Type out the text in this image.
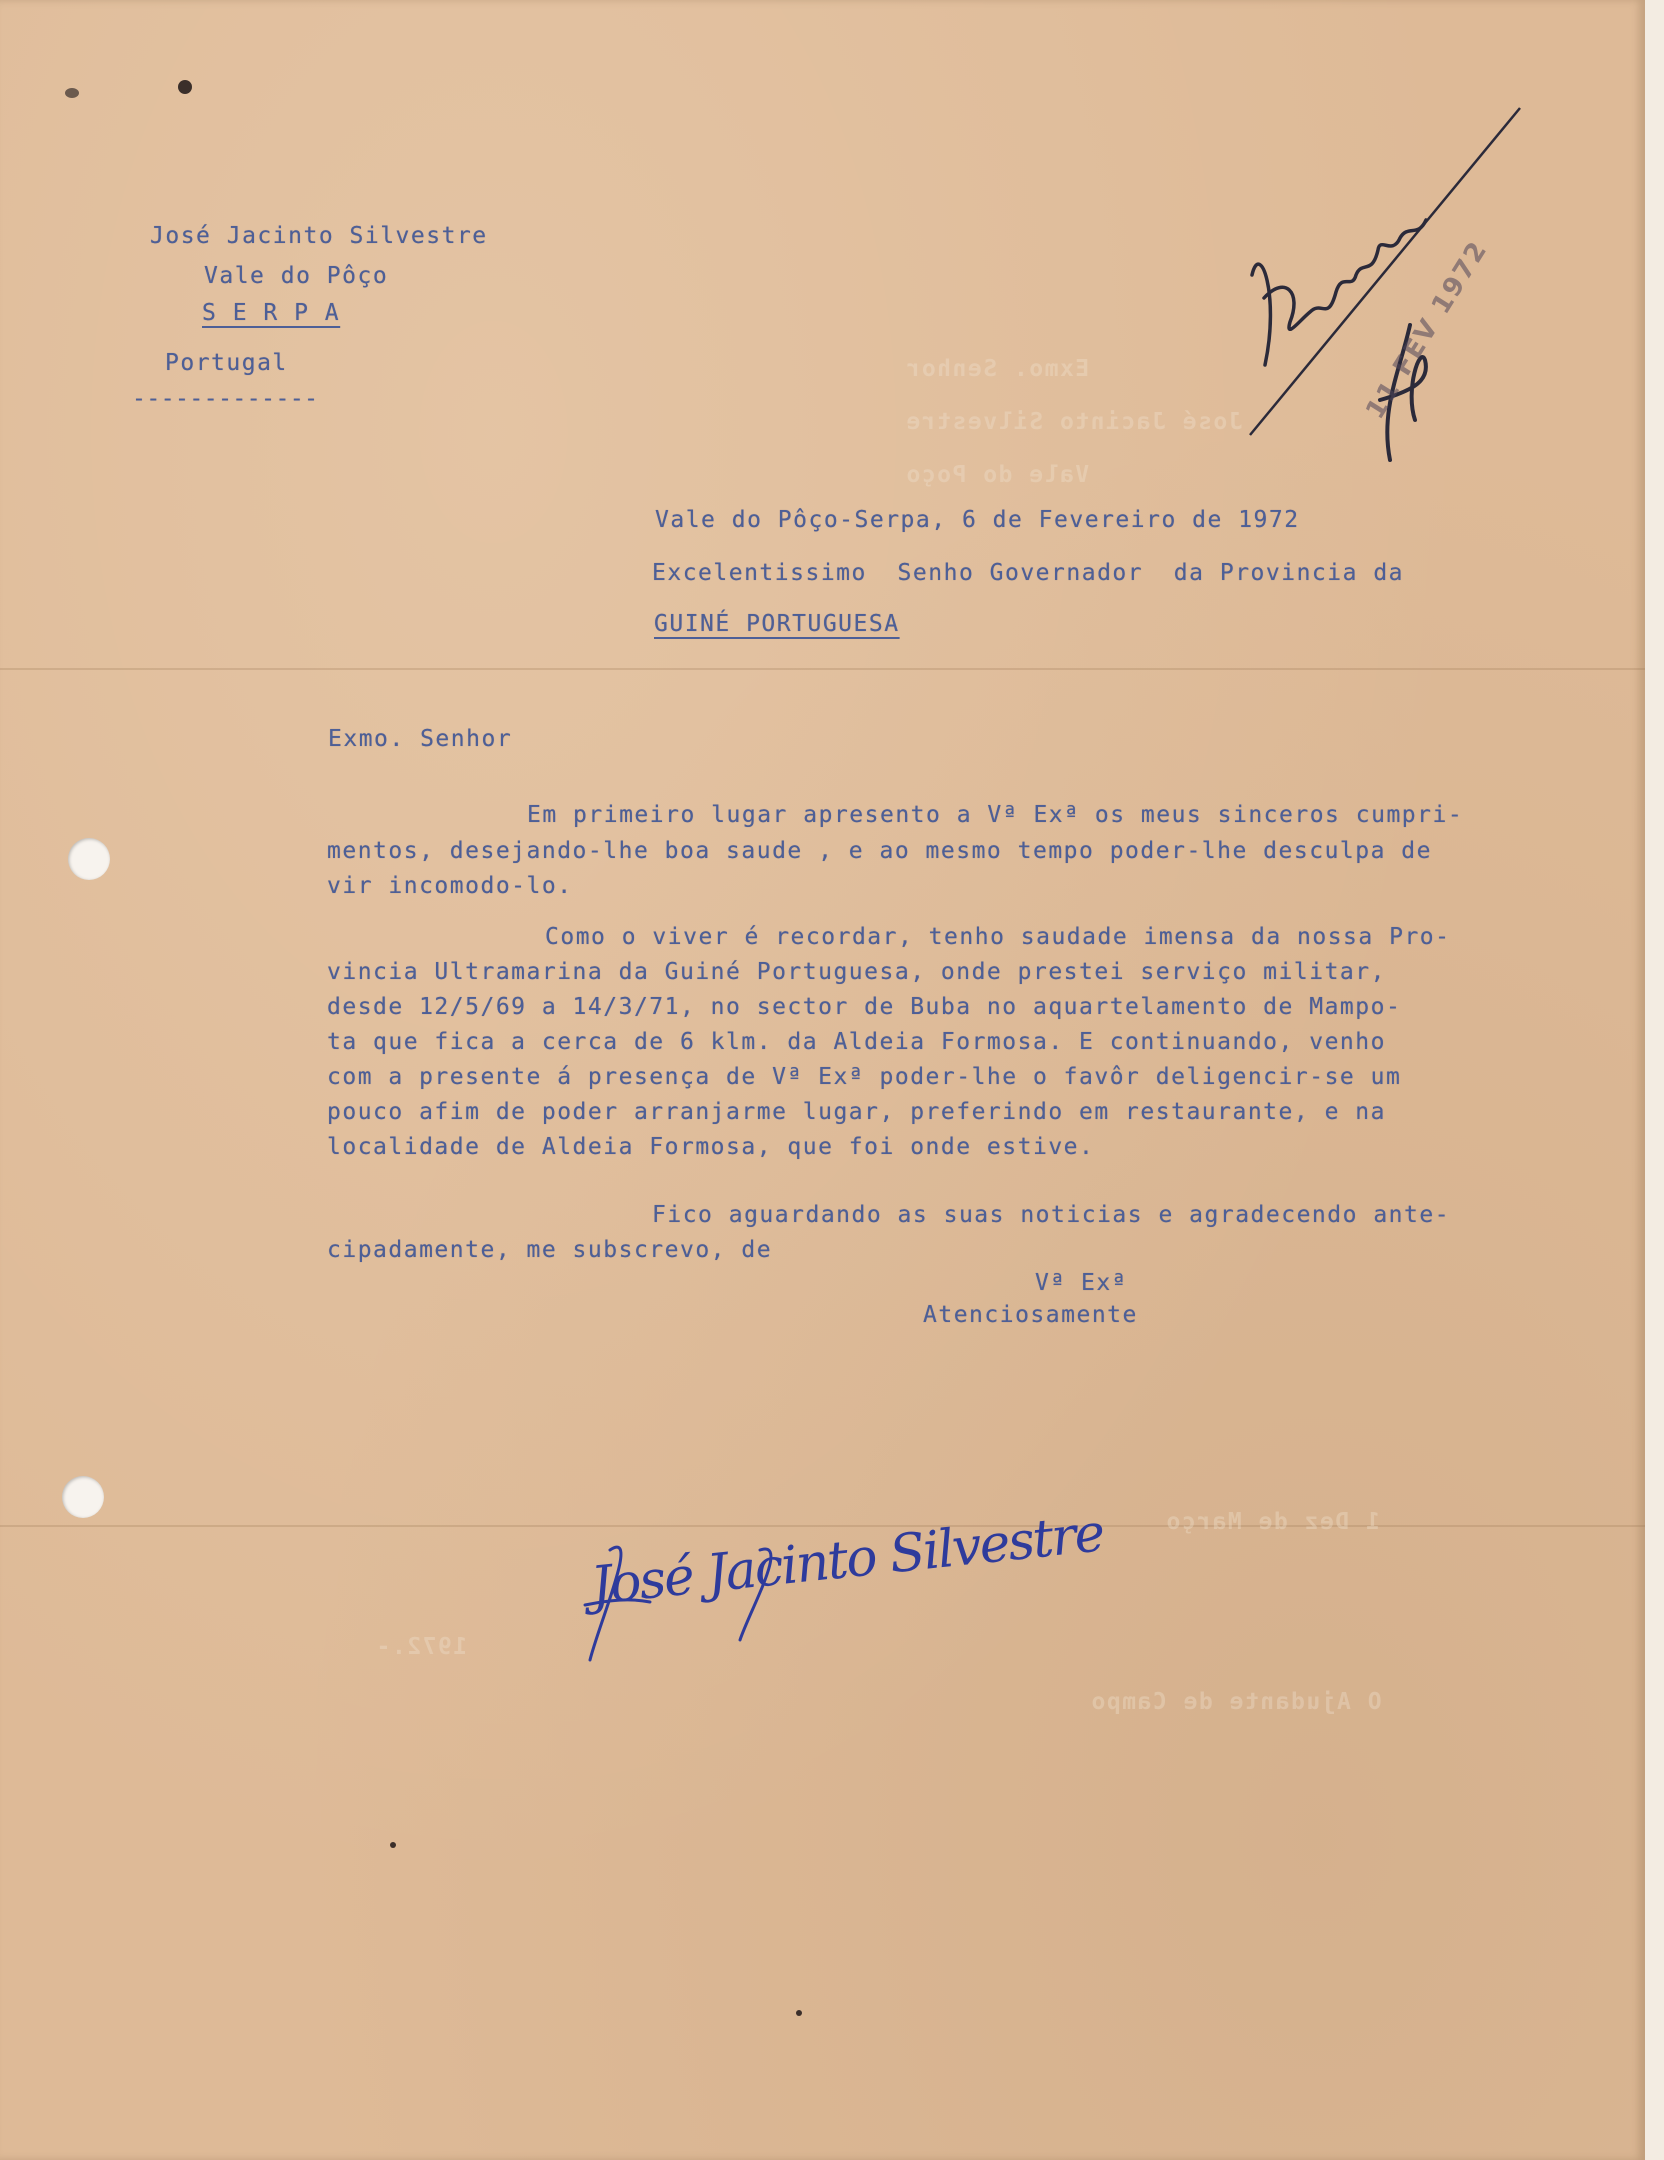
Exmo. Senhor
José Jacinto Silvestre
Vale do Poço
1 Dez de Março
1972.-
O Ajudante de Campo
José Jacinto Silvestre
Vale do Pôço
S E R P A
Portugal
-------------	11 FEV 1972
Vale do Pôço-Serpa, 6 de Fevereiro de 1972
Excelentissimo  Senho Governador  da Provincia da
GUINÉ PORTUGUESA
Exmo. Senhor
Em primeiro lugar apresento a Vª Exª os meus sinceros cumpri-
mentos, desejando-lhe boa saude , e ao mesmo tempo poder-lhe desculpa de
vir incomodo-lo.
Como o viver é recordar, tenho saudade imensa da nossa Pro-
vincia Ultramarina da Guiné Portuguesa, onde prestei serviço militar,
desde 12/5/69 a 14/3/71, no sector de Buba no aquartelamento de Mampo-
ta que fica a cerca de 6 klm. da Aldeia Formosa. E continuando, venho
com a presente á presença de Vª Exª poder-lhe o favôr deligencir-se um
pouco afim de poder arranjarme lugar, preferindo em restaurante, e na
localidade de Aldeia Formosa, que foi onde estive.
Fico aguardando as suas noticias e agradecendo ante-
cipadamente, me subscrevo, de
Vª Exª
Atenciosamente
José Jacinto Silvestre
